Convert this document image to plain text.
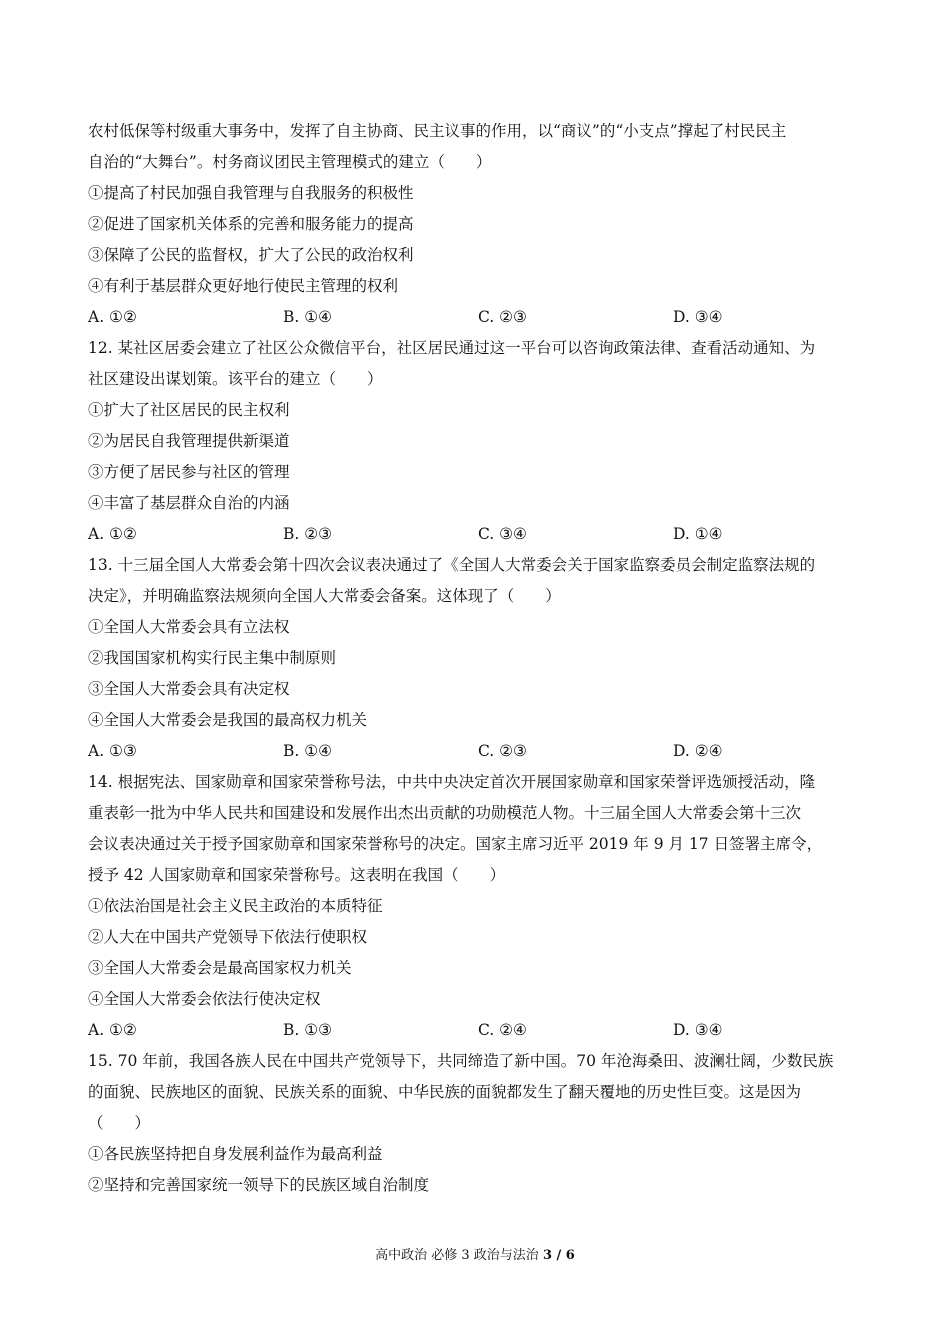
农村低保等村级重大事务中，发挥了自主协商、民主议事的作用，以“商议”的“小支点”撑起了村民民主
自治的“大舞台”。村务商议团民主管理模式的建立（　　）
①提高了村民加强自我管理与自我服务的积极性
②促进了国家机关体系的完善和服务能力的提高
③保障了公民的监督权，扩大了公民的政治权利
④有利于基层群众更好地行使民主管理的权利
A. ①②	B. ①④	C. ②③	D. ③④
12. 某社区居委会建立了社区公众微信平台，社区居民通过这一平台可以咨询政策法律、查看活动通知、为
社区建设出谋划策。该平台的建立（　　）
①扩大了社区居民的民主权利
②为居民自我管理提供新渠道
③方便了居民参与社区的管理
④丰富了基层群众自治的内涵
A. ①②	B. ②③	C. ③④	D. ①④
13. 十三届全国人大常委会第十四次会议表决通过了《全国人大常委会关于国家监察委员会制定监察法规的
决定》，并明确监察法规须向全国人大常委会备案。这体现了（　　）
①全国人大常委会具有立法权
②我国国家机构实行民主集中制原则
③全国人大常委会具有决定权
④全国人大常委会是我国的最高权力机关
A. ①③	B. ①④	C. ②③	D. ②④
14. 根据宪法、国家勋章和国家荣誉称号法，中共中央决定首次开展国家勋章和国家荣誉评选颁授活动，隆
重表彰一批为中华人民共和国建设和发展作出杰出贡献的功勋模范人物。十三届全国人大常委会第十三次
会议表决通过关于授予国家勋章和国家荣誉称号的决定。国家主席习近平 2019 年 9 月 17 日签署主席令，
授予 42 人国家勋章和国家荣誉称号。这表明在我国（　　）
①依法治国是社会主义民主政治的本质特征
②人大在中国共产党领导下依法行使职权
③全国人大常委会是最高国家权力机关
④全国人大常委会依法行使决定权
A. ①②	B. ①③	C. ②④	D. ③④
15. 70 年前，我国各族人民在中国共产党领导下，共同缔造了新中国。70 年沧海桑田、波澜壮阔，少数民族
的面貌、民族地区的面貌、民族关系的面貌、中华民族的面貌都发生了翻天覆地的历史性巨变。这是因为
（　　）
①各民族坚持把自身发展利益作为最高利益
②坚持和完善国家统一领导下的民族区域自治制度
高中政治 必修 3 政治与法治 3 / 6
